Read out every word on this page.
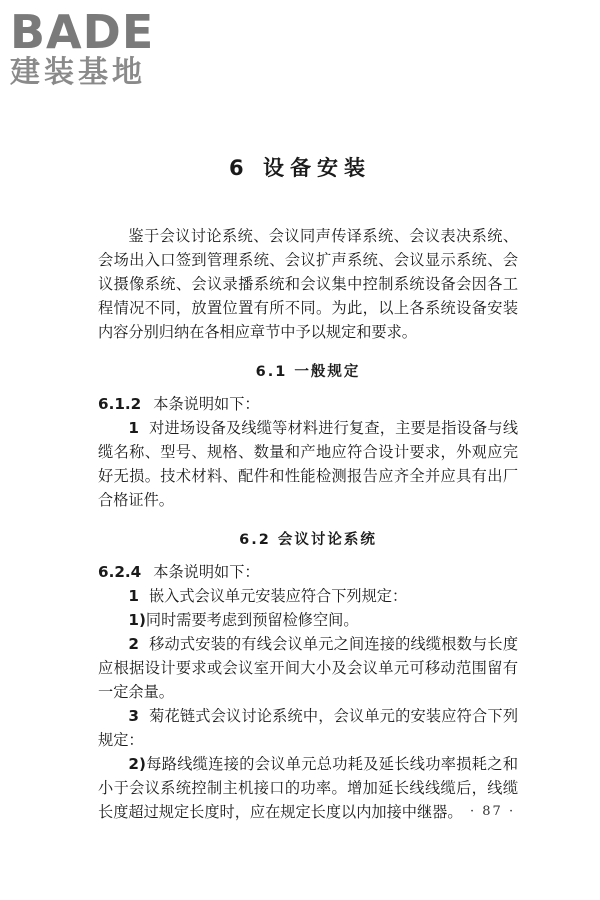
BADE
建装基地
6 设备安装

鉴于会议讨论系统、会议同声传译系统、会议表决系统、会场出入口签到管理系统、会议扩声系统、会议显示系统、会议摄像系统、会议录播系统和会议集中控制系统设备会因各工程情况不同，放置位置有所不同。为此，以上各系统设备安装内容分别归纳在各相应章节中予以规定和要求。

6.1 一般规定
6.1.2 本条说明如下：

1 对进场设备及线缆等材料进行复查，主要是指设备与线缆名称、型号、规格、数量和产地应符合设计要求，外观应完好无损。技术材料、配件和性能检测报告应齐全并应具有出厂合格证件。

6.2 会议讨论系统
6.2.4 本条说明如下：

1 嵌入式会议单元安装应符合下列规定：

1)同时需要考虑到预留检修空间。

2 移动式安装的有线会议单元之间连接的线缆根数与长度应根据设计要求或会议室开间大小及会议单元可移动范围留有一定余量。

3 菊花链式会议讨论系统中，会议单元的安装应符合下列规定：

2)每路线缆连接的会议单元总功耗及延长线功率损耗之和小于会议系统控制主机接口的功率。增加延长线线缆后，线缆长度超过规定长度时，应在规定长度以内加接中继器。 · 87 ·
